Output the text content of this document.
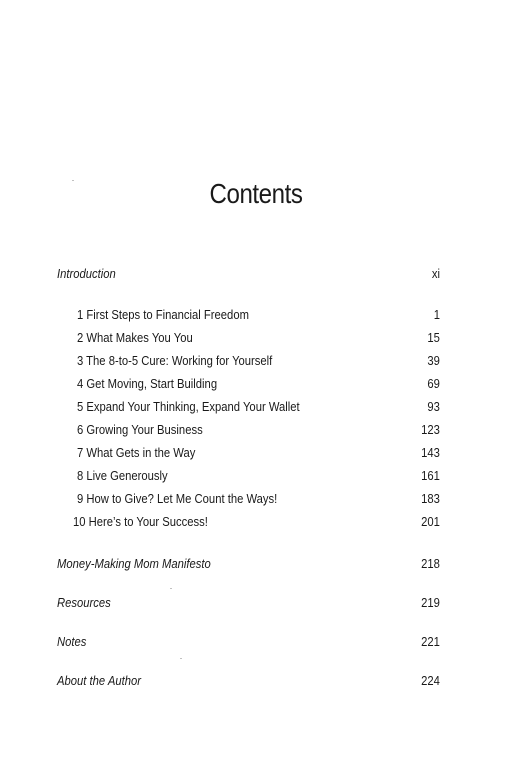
Contents
Introduction	xi
1 First Steps to Financial Freedom	1
2 What Makes You You	15
3 The 8-to-5 Cure: Working for Yourself	39
4 Get Moving, Start Building	69
5 Expand Your Thinking, Expand Your Wallet	93
6 Growing Your Business	123
7 What Gets in the Way	143
8 Live Generously	161
9 How to Give? Let Me Count the Ways!	183
10 Here’s to Your Success!	201
Money-Making Mom Manifesto	218
Resources	219
Notes	221
About the Author	224
